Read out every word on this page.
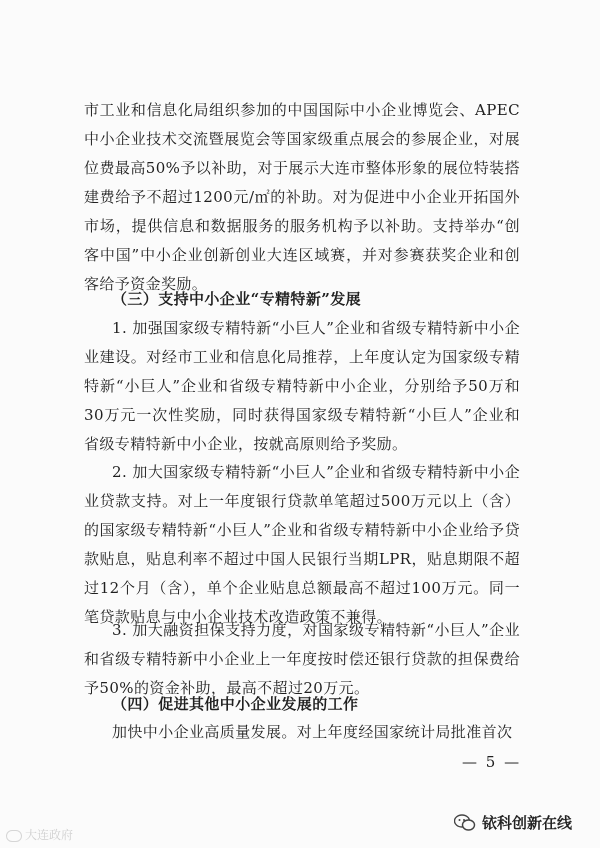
市工业和信息化局组织参加的中国国际中小企业博览会、APEC中小企业技术交流暨展览会等国家级重点展会的参展企业，对展位费最高50%予以补助，对于展示大连市整体形象的展位特装搭建费给予不超过1200元/㎡的补助。对为促进中小企业开拓国外市场，提供信息和数据服务的服务机构予以补助。支持举办“创客中国”中小企业创新创业大连区域赛，并对参赛获奖企业和创客给予资金奖励。

（三）支持中小企业“专精特新”发展

1. 加强国家级专精特新“小巨人”企业和省级专精特新中小企业建设。对经市工业和信息化局推荐，上年度认定为国家级专精特新“小巨人”企业和省级专精特新中小企业，分别给予50万和30万元一次性奖励，同时获得国家级专精特新“小巨人”企业和省级专精特新中小企业，按就高原则给予奖励。

2. 加大国家级专精特新“小巨人”企业和省级专精特新中小企业贷款支持。对上一年度银行贷款单笔超过500万元以上（含）的国家级专精特新“小巨人”企业和省级专精特新中小企业给予贷款贴息，贴息利率不超过中国人民银行当期LPR，贴息期限不超过12个月（含），单个企业贴息总额最高不超过100万元。同一笔贷款贴息与中小企业技术改造政策不兼得。

3. 加大融资担保支持力度，对国家级专精特新“小巨人”企业和省级专精特新中小企业上一年度按时偿还银行贷款的担保费给予50%的资金补助，最高不超过20万元。

（四）促进其他中小企业发展的工作

加快中小企业高质量发展。对上年度经国家统计局批准首次

— 5 —
大连政府
铱科创新在线
